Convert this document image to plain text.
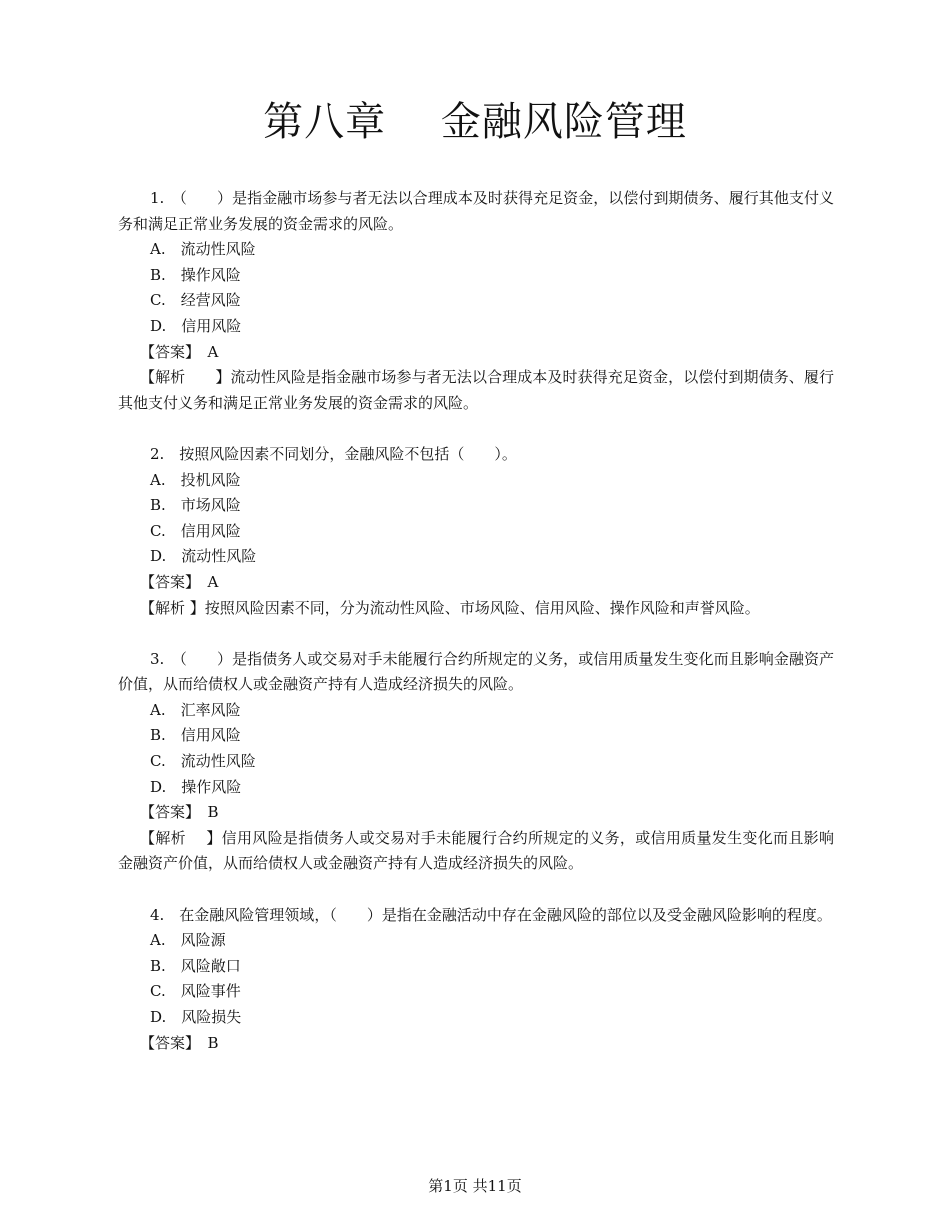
第八章　 金融风险管理
1.　（　　）是指金融市场参与者无法以合理成本及时获得充足资金，以偿付到期债务、履行其他支付义务和满足正常业务发展的资金需求的风险。
A.　流动性风险
B.　操作风险
C.　经营风险
D.　信用风险
【答案】　A
【解析　　】流动性风险是指金融市场参与者无法以合理成本及时获得充足资金，以偿付到期债务、履行其他支付义务和满足正常业务发展的资金需求的风险。
2.　按照风险因素不同划分，金融风险不包括（　　）。
A.　投机风险
B.　市场风险
C.　信用风险
D.　流动性风险
【答案】　A
【解析 】按照风险因素不同，分为流动性风险、市场风险、信用风险、操作风险和声誉风险。
3.　（　　）是指债务人或交易对手未能履行合约所规定的义务，或信用质量发生变化而且影响金融资产价值，从而给债权人或金融资产持有人造成经济损失的风险。
A.　汇率风险
B.　信用风险
C.　流动性风险
D.　操作风险
【答案】　B
【解析　 】信用风险是指债务人或交易对手未能履行合约所规定的义务，或信用质量发生变化而且影响金融资产价值，从而给债权人或金融资产持有人造成经济损失的风险。
4.　在金融风险管理领域，（　　）是指在金融活动中存在金融风险的部位以及受金融风险影响的程度。
A.　风险源
B.　风险敞口
C.　风险事件
D.　风险损失
【答案】　B
第1页 共11页
